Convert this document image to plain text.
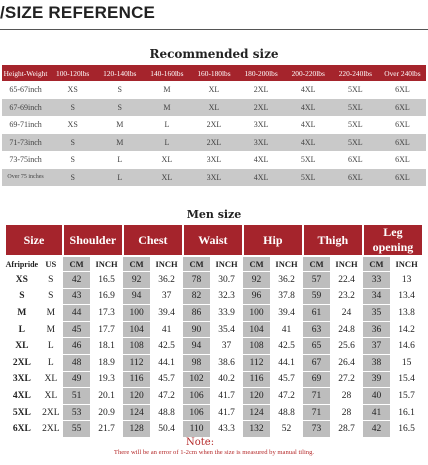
/SIZE REFERENCE
Recommended size
Height-Weight	100-120lbs	120-140lbs	140-160lbs	160-180lbs	180-200lbs	200-220lbs	220-240lbs	Over 240lbs
65-67inch	XS	S	M	XL	2XL	4XL	5XL	6XL
67-69inch	S	S	M	XL	2XL	4XL	5XL	6XL
69-71inch	XS	M	L	2XL	3XL	4XL	5XL	6XL
71-73inch	S	M	L	2XL	3XL	4XL	5XL	6XL
73-75inch	S	L	XL	3XL	4XL	5XL	6XL	6XL
Over 75 inches	S	L	XL	3XL	4XL	5XL	6XL	6XL
Men size
Size		Shoulder		Chest		Waist		Hip		Thigh		Leg opening	
Afripride	US	CM	INCH	CM	INCH	CM	INCH	CM	INCH	CM	INCH	CM	INCH
XS	S	42	16.5	92	36.2	78	30.7	92	36.2	57	22.4	33	13
S	S	43	16.9	94	37	82	32.3	96	37.8	59	23.2	34	13.4
M	M	44	17.3	100	39.4	86	33.9	100	39.4	61	24	35	13.8
L	M	45	17.7	104	41	90	35.4	104	41	63	24.8	36	14.2
XL	L	46	18.1	108	42.5	94	37	108	42.5	65	25.6	37	14.6
2XL	L	48	18.9	112	44.1	98	38.6	112	44.1	67	26.4	38	15
3XL	XL	49	19.3	116	45.7	102	40.2	116	45.7	69	27.2	39	15.4
4XL	XL	51	20.1	120	47.2	106	41.7	120	47.2	71	28	40	15.7
5XL	2XL	53	20.9	124	48.8	106	41.7	124	48.8	71	28	41	16.1
6XL	2XL	55	21.7	128	50.4	110	43.3	132	52	73	28.7	42	16.5
Note:
There will be an error of 1-2cm when the size is measured by manual tiling.
